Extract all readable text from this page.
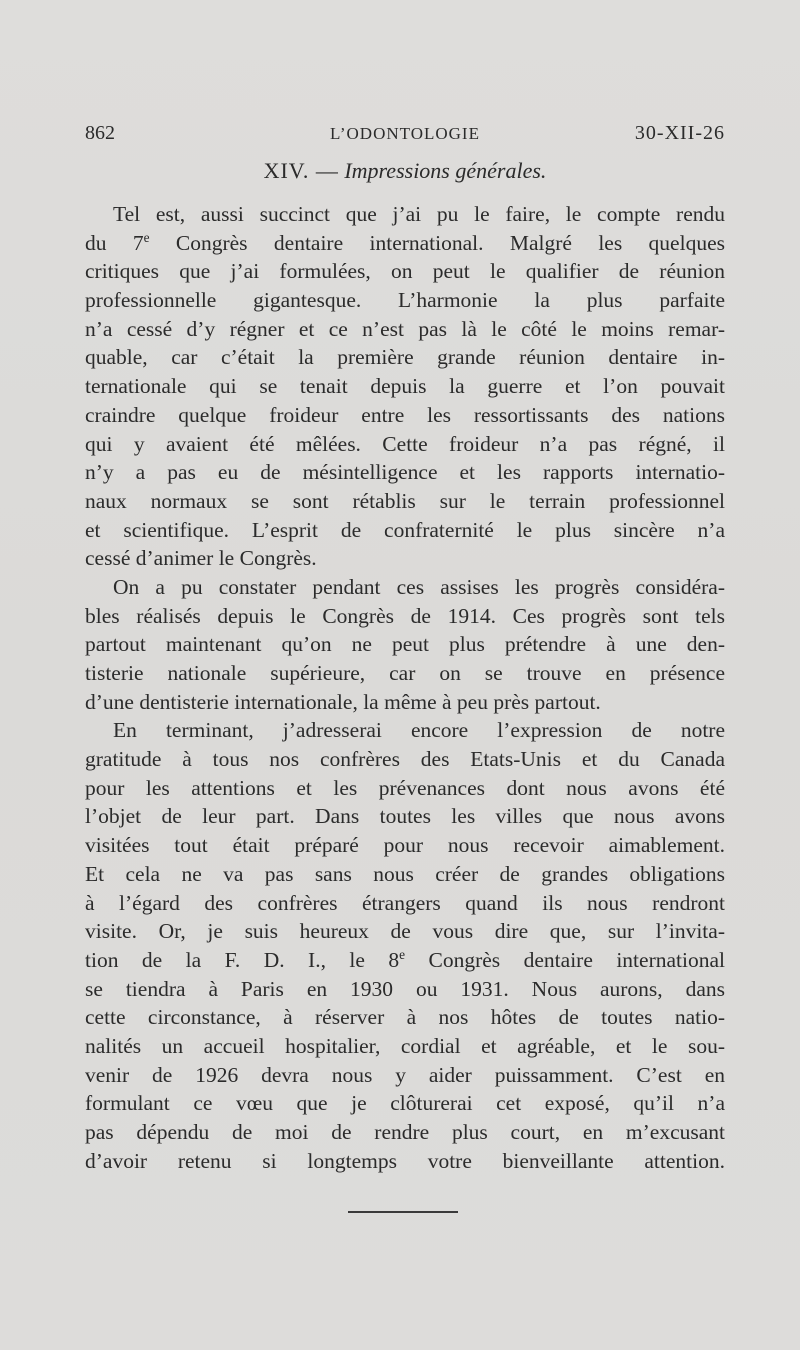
862	L’ODONTOLOGIE	30-XII-26
XIV. — Impressions générales.
Tel est, aussi succinct que j’ai pu le faire, le compte rendu
du 7e Congrès dentaire international. Malgré les quelques
critiques que j’ai formulées, on peut le qualifier de réunion
professionnelle gigantesque. L’harmonie la plus parfaite
n’a cessé d’y régner et ce n’est pas là le côté le moins remar-
quable, car c’était la première grande réunion dentaire in-
ternationale qui se tenait depuis la guerre et l’on pouvait
craindre quelque froideur entre les ressortissants des nations
qui y avaient été mêlées. Cette froideur n’a pas régné, il
n’y a pas eu de mésintelligence et les rapports internatio-
naux normaux se sont rétablis sur le terrain professionnel
et scientifique. L’esprit de confraternité le plus sincère n’a
cessé d’animer le Congrès.
On a pu constater pendant ces assises les progrès considéra-
bles réalisés depuis le Congrès de 1914. Ces progrès sont tels
partout maintenant qu’on ne peut plus prétendre à une den-
tisterie nationale supérieure, car on se trouve en présence
d’une dentisterie internationale, la même à peu près partout.
En terminant, j’adresserai encore l’expression de notre
gratitude à tous nos confrères des Etats-Unis et du Canada
pour les attentions et les prévenances dont nous avons été
l’objet de leur part. Dans toutes les villes que nous avons
visitées tout était préparé pour nous recevoir aimablement.
Et cela ne va pas sans nous créer de grandes obligations
à l’égard des confrères étrangers quand ils nous rendront
visite. Or, je suis heureux de vous dire que, sur l’invita-
tion de la F. D. I., le 8e Congrès dentaire international
se tiendra à Paris en 1930 ou 1931. Nous aurons, dans
cette circonstance, à réserver à nos hôtes de toutes natio-
nalités un accueil hospitalier, cordial et agréable, et le sou-
venir de 1926 devra nous y aider puissamment. C’est en
formulant ce vœu que je clôturerai cet exposé, qu’il n’a
pas dépendu de moi de rendre plus court, en m’excusant
d’avoir retenu si longtemps votre bienveillante attention.
